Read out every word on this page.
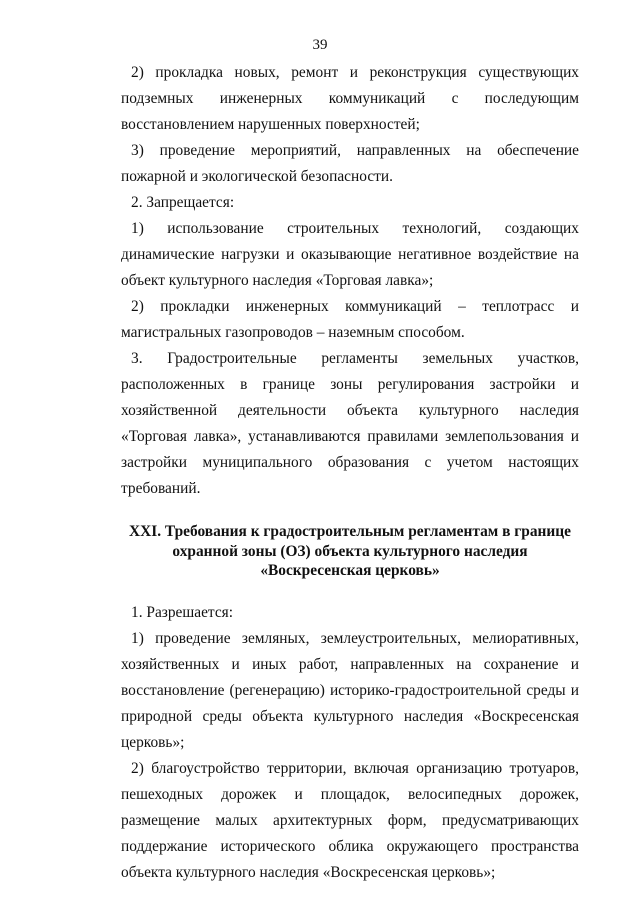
39

2) прокладка новых, ремонт и реконструкция существующих подземных инженерных коммуникаций с последующим восстановлением нарушенных поверхностей;

3) проведение мероприятий, направленных на обеспечение пожарной и экологической безопасности.

2. Запрещается:

1) использование строительных технологий, создающих динамические нагрузки и оказывающие негативное воздействие на объект культурного наследия «Торговая лавка»;

2) прокладки инженерных коммуникаций – теплотрасс и магистральных газопроводов – наземным способом.

3. Градостроительные регламенты земельных участков, расположенных в границе зоны регулирования застройки и хозяйственной деятельности объекта культурного наследия «Торговая лавка», устанавливаются правилами землепользования и застройки муниципального образования с учетом настоящих требований.

XXI. Требования к градостроительным регламентам в границе
охранной зоны (ОЗ) объекта культурного наследия
«Воскресенская церковь»

1. Разрешается:

1) проведение земляных, землеустроительных, мелиоративных, хозяйственных и иных работ, направленных на сохранение и восстановление (регенерацию) историко-градостроительной среды и природной среды объекта культурного наследия «Воскресенская церковь»;

2) благоустройство территории, включая организацию тротуаров, пешеходных дорожек и площадок, велосипедных дорожек, размещение малых архитектурных форм, предусматривающих поддержание исторического облика окружающего пространства объекта культурного наследия «Воскресенская церковь»;
